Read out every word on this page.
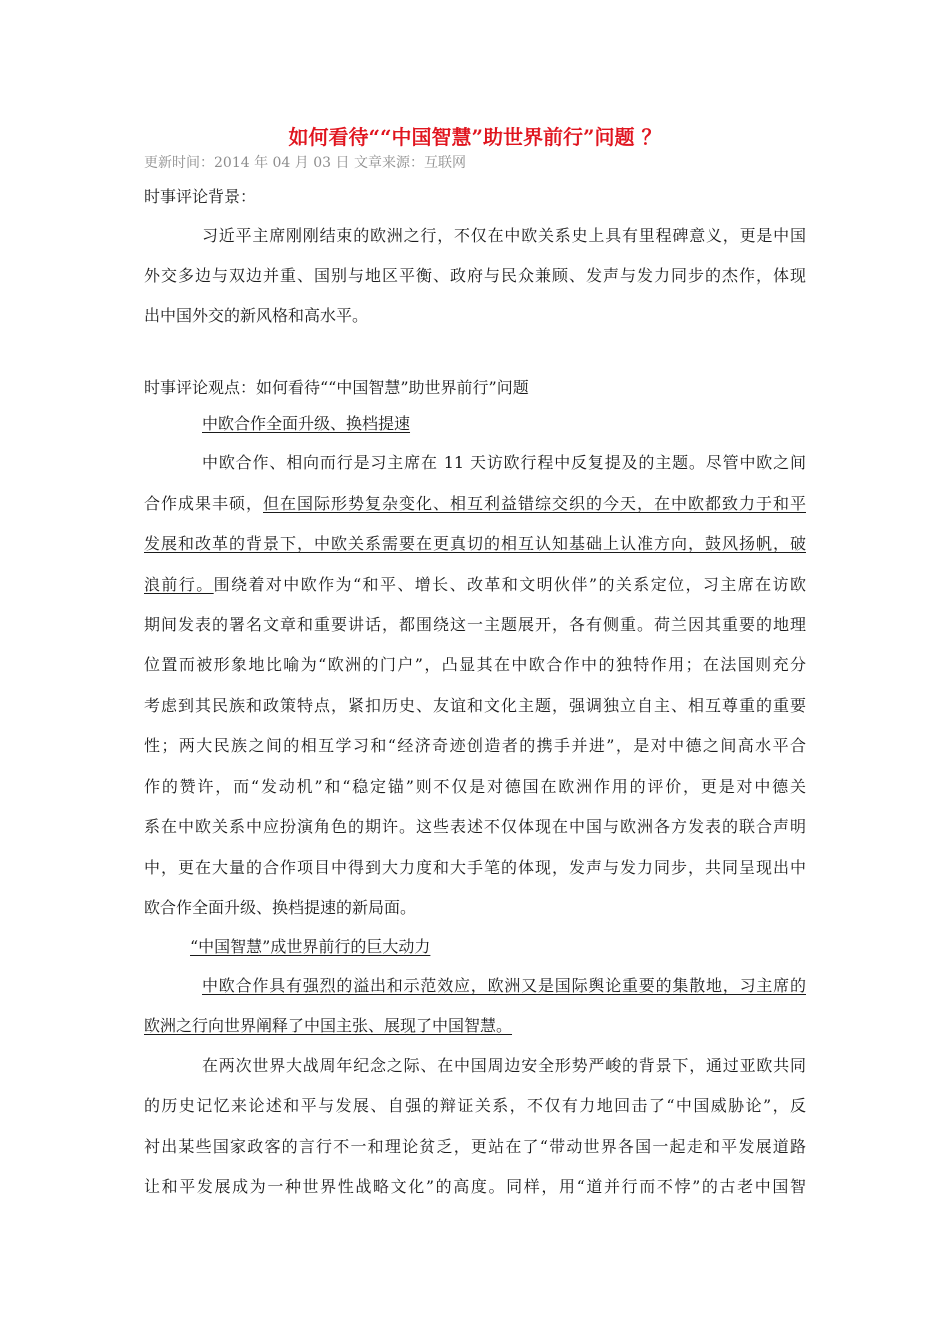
如何看待““中国智慧”助世界前行”问题 ？
更新时间：2014 年 04 月 03 日 文章来源：互联网
时事评论背景：
习近平主席刚刚结束的欧洲之行，不仅在中欧关系史上具有里程碑意义，更是中国
外交多边与双边并重、国别与地区平衡、政府与民众兼顾、发声与发力同步的杰作，体现
出中国外交的新风格和高水平。
时事评论观点：如何看待““中国智慧”助世界前行”问题
中欧合作全面升级、换档提速
中欧合作、相向而行是习主席在 11 天访欧行程中反复提及的主题。尽管中欧之间
合作成果丰硕，但在国际形势复杂变化、相互利益错综交织的今天，在中欧都致力于和平
发展和改革的背景下，中欧关系需要在更真切的相互认知基础上认准方向，鼓风扬帆，破
浪前行。围绕着对中欧作为“和平、增长、改革和文明伙伴”的关系定位，习主席在访欧
期间发表的署名文章和重要讲话，都围绕这一主题展开，各有侧重。荷兰因其重要的地理
位置而被形象地比喻为“欧洲的门户”，凸显其在中欧合作中的独特作用；在法国则充分
考虑到其民族和政策特点，紧扣历史、友谊和文化主题，强调独立自主、相互尊重的重要
性；两大民族之间的相互学习和“经济奇迹创造者的携手并进”，是对中德之间高水平合
作的赞许，而“发动机”和“稳定锚”则不仅是对德国在欧洲作用的评价，更是对中德关
系在中欧关系中应扮演角色的期许。这些表述不仅体现在中国与欧洲各方发表的联合声明
中，更在大量的合作项目中得到大力度和大手笔的体现，发声与发力同步，共同呈现出中
欧合作全面升级、换档提速的新局面。
“中国智慧”成世界前行的巨大动力
中欧合作具有强烈的溢出和示范效应，欧洲又是国际舆论重要的集散地，习主席的
欧洲之行向世界阐释了中国主张、展现了中国智慧。
在两次世界大战周年纪念之际、在中国周边安全形势严峻的背景下，通过亚欧共同
的历史记忆来论述和平与发展、自强的辩证关系，不仅有力地回击了“中国威胁论”，反
衬出某些国家政客的言行不一和理论贫乏，更站在了“带动世界各国一起走和平发展道路
让和平发展成为一种世界性战略文化”的高度。同样，用“道并行而不悖”的古老中国智
